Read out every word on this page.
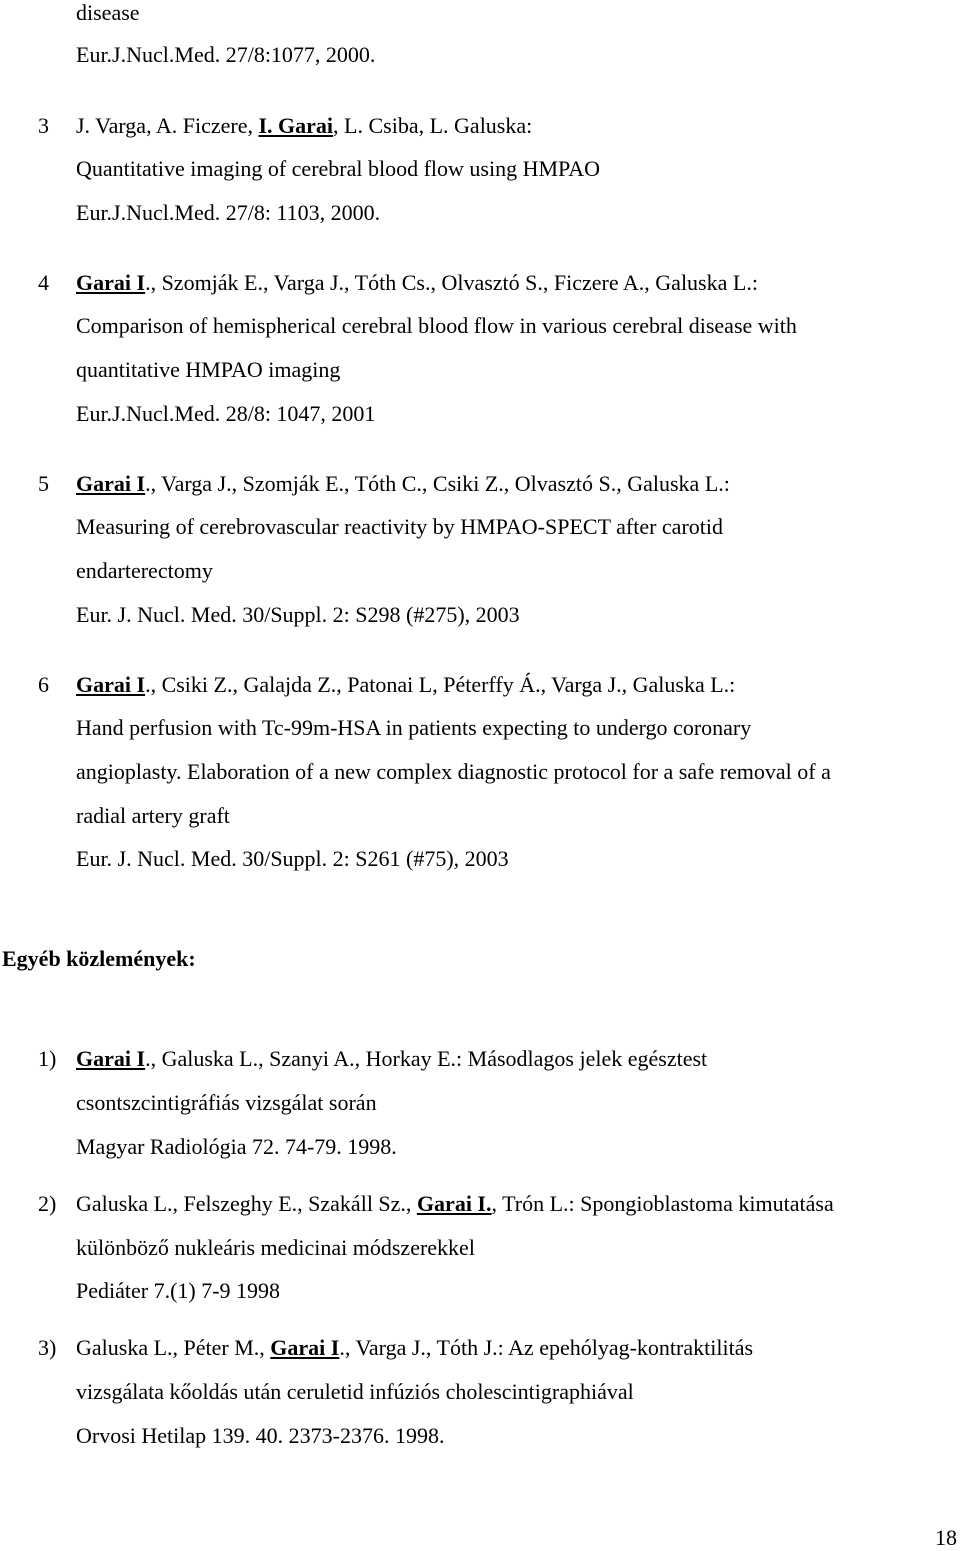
disease
Eur.J.Nucl.Med. 27/8:1077, 2000.
3 J. Varga, A. Ficzere, I. Garai, L. Csiba, L. Galuska:
Quantitative imaging of cerebral blood flow using HMPAO
Eur.J.Nucl.Med. 27/8: 1103, 2000.
4 Garai I., Szomják E., Varga J., Tóth Cs., Olvasztó S., Ficzere A., Galuska L.:
Comparison of hemispherical cerebral blood flow in various cerebral disease with
quantitative HMPAO imaging
Eur.J.Nucl.Med. 28/8: 1047, 2001
5 Garai I., Varga J., Szomják E., Tóth C., Csiki Z., Olvasztó S., Galuska L.:
Measuring of cerebrovascular reactivity by HMPAO-SPECT after carotid
endarterectomy
Eur. J. Nucl. Med. 30/Suppl. 2: S298 (#275), 2003
6 Garai I., Csiki Z., Galajda Z., Patonai L, Péterffy Á., Varga J., Galuska L.:
Hand perfusion with Tc-99m-HSA in patients expecting to undergo coronary
angioplasty. Elaboration of a new complex diagnostic protocol for a safe removal of a
radial artery graft
Eur. J. Nucl. Med. 30/Suppl. 2: S261 (#75), 2003
Egyéb közlemények:
1) Garai I., Galuska L., Szanyi A., Horkay E.: Másodlagos jelek egésztest
csontszcintigráfiás vizsgálat során
Magyar Radiológia 72. 74-79. 1998.
2) Galuska L., Felszeghy E., Szakáll Sz., Garai I., Trón L.: Spongioblastoma kimutatása
különböző nukleáris medicinai módszerekkel
Pediáter 7.(1) 7-9 1998
3) Galuska L., Péter M., Garai I., Varga J., Tóth J.: Az epehólyag-kontraktilitás
vizsgálata kőoldás után ceruletid infúziós cholescintigraphiával
Orvosi Hetilap 139. 40. 2373-2376. 1998.
18
